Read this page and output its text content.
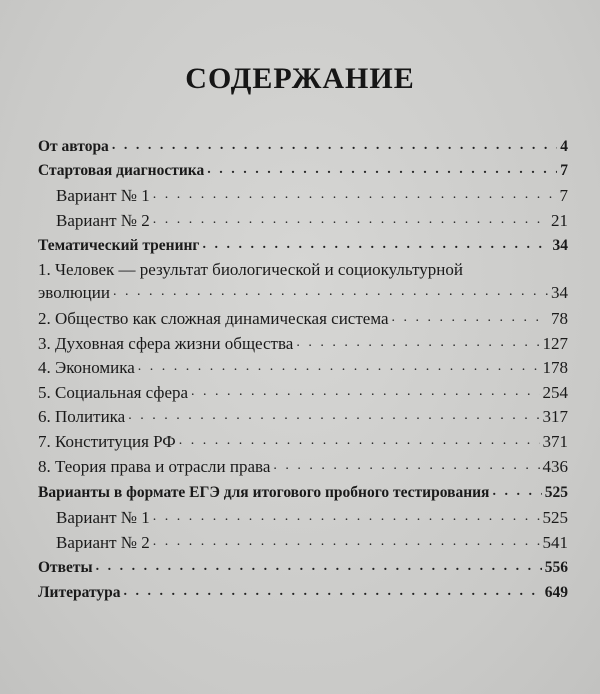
СОДЕРЖАНИЕ
От автора . . .	4
Стартовая диагностика . . .	7
Вариант № 1 . . .	7
Вариант № 2 . . .	21
Тематический тренинг . . .	34
1. Человек — результат биологической и социокультурной
эволюции . . .	34
2. Общество как сложная динамическая система . . .	78
3. Духовная сфера жизни общества . . .	127
4. Экономика . . .	178
5. Социальная сфера . . .	254
6. Политика . . .	317
7. Конституция РФ . . .	371
8. Теория права и отрасли права . . .	436
Варианты в формате ЕГЭ для итогового пробного тестирования . . .	525
Вариант № 1 . . .	525
Вариант № 2 . . .	541
Ответы . . .	556
Литература . . .	649
